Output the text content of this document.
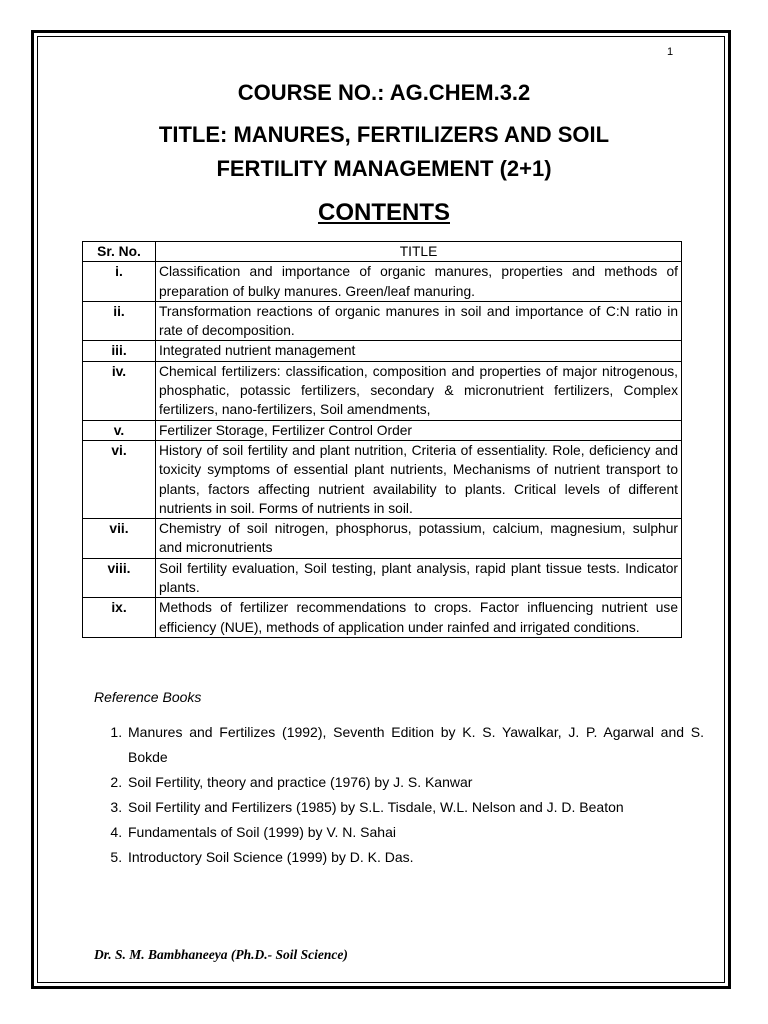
1
COURSE NO.: AG.CHEM.3.2
TITLE: MANURES, FERTILIZERS AND SOIL
FERTILITY MANAGEMENT (2+1)
CONTENTS
Sr. No.	TITLE
i.	Classification and importance of organic manures, properties and methods of preparation of bulky manures. Green/leaf manuring.
ii.	Transformation reactions of organic manures in soil and importance of C:N ratio in rate of decomposition.
iii.	Integrated nutrient management
iv.	Chemical fertilizers: classification, composition and properties of major nitrogenous, phosphatic, potassic fertilizers, secondary & micronutrient fertilizers, Complex fertilizers, nano-fertilizers, Soil amendments,
v.	Fertilizer Storage, Fertilizer Control Order
vi.	History of soil fertility and plant nutrition, Criteria of essentiality. Role, deficiency and toxicity symptoms of essential plant nutrients, Mechanisms of nutrient transport to plants, factors affecting nutrient availability to plants. Critical levels of different nutrients in soil. Forms of nutrients in soil.
vii.	Chemistry of soil nitrogen, phosphorus, potassium, calcium, magnesium, sulphur and micronutrients
viii.	Soil fertility evaluation, Soil testing, plant analysis, rapid plant tissue tests. Indicator plants.
ix.	Methods of fertilizer recommendations to crops. Factor influencing nutrient use efficiency (NUE), methods of application under rainfed and irrigated conditions.
Reference Books
1. Manures and Fertilizes (1992), Seventh Edition by K. S. Yawalkar, J. P. Agarwal and S. Bokde
2. Soil Fertility, theory and practice (1976) by J. S. Kanwar
3. Soil Fertility and Fertilizers (1985) by S.L. Tisdale, W.L. Nelson and J. D. Beaton
4. Fundamentals of Soil (1999) by V. N. Sahai
5. Introductory Soil Science (1999) by D. K. Das.
Dr. S. M. Bambhaneeya (Ph.D.- Soil Science)
